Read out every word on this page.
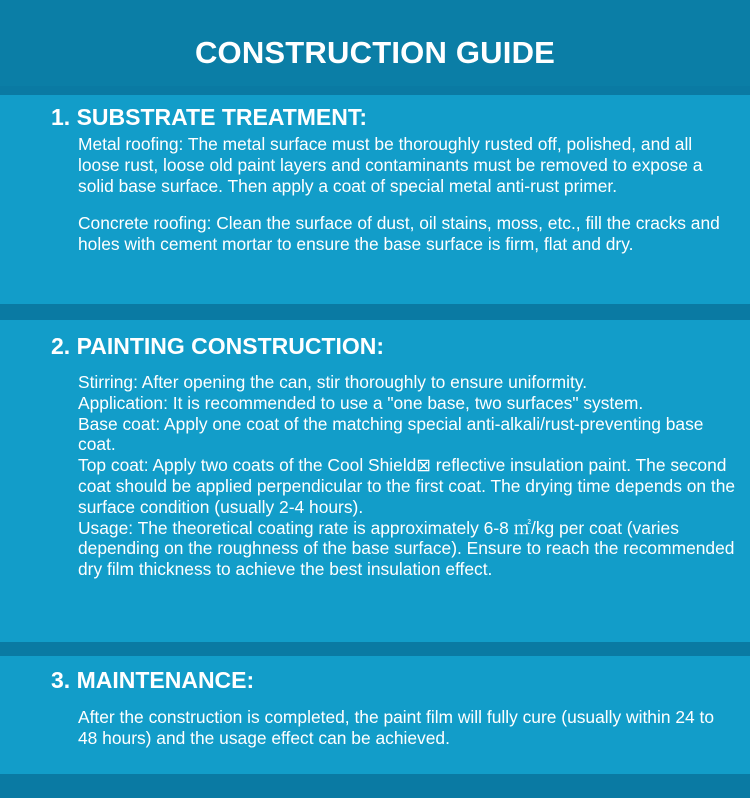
CONSTRUCTION GUIDE
1. SUBSTRATE TREATMENT:

Metal roofing: The metal surface must be thoroughly rusted off, polished, and all loose rust, loose old paint layers and contaminants must be removed to expose a solid base surface. Then apply a coat of special metal anti-rust primer.

Concrete roofing: Clean the surface of dust, oil stains, moss, etc., fill the cracks and holes with cement mortar to ensure the base surface is firm, flat and dry.

2. PAINTING CONSTRUCTION:

Stirring: After opening the can, stir thoroughly to ensure uniformity.

Application: It is recommended to use a "one base, two surfaces" system.

Base coat: Apply one coat of the matching special anti-alkali/rust-preventing base coat.

Top coat: Apply two coats of the Cool Shield⊠ reflective insulation paint. The second coat should be applied perpendicular to the first coat. The drying time depends on the surface condition (usually 2-4 hours).

Usage: The theoretical coating rate is approximately 6-8 ㎡/kg per coat (varies depending on the roughness of the base surface). Ensure to reach the recommended dry film thickness to achieve the best insulation effect.

3. MAINTENANCE:

After the construction is completed, the paint film will fully cure (usually within 24 to 48 hours) and the usage effect can be achieved.
